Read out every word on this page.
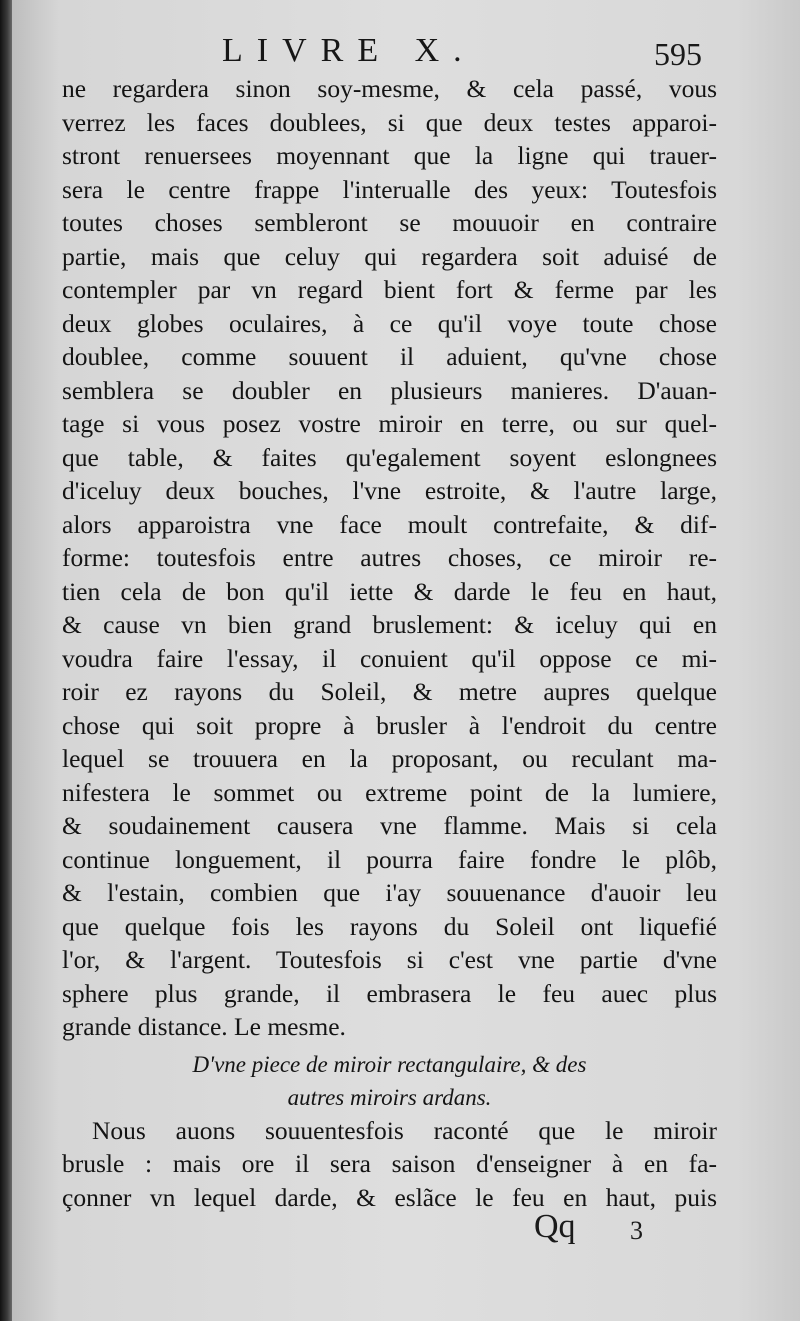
LIVRE X.	595
ne regardera sinon soy-mesme, & cela passé, vous
verrez les faces doublees, si que deux testes apparoi-
stront renuersees moyennant que la ligne qui trauer-
sera le centre frappe l'interualle des yeux: Toutesfois
toutes choses sembleront se mouuoir en contraire
partie, mais que celuy qui regardera soit aduisé de
contempler par vn regard bient fort & ferme par les
deux globes oculaires, à ce qu'il voye toute chose
doublee, comme souuent il aduient, qu'vne chose
semblera se doubler en plusieurs manieres. D'auan-
tage si vous posez vostre miroir en terre, ou sur quel-
que table, & faites qu'egalement soyent eslongnees
d'iceluy deux bouches, l'vne estroite, & l'autre large,
alors apparoistra vne face moult contrefaite, & dif-
forme: toutesfois entre autres choses, ce miroir re-
tien cela de bon qu'il iette & darde le feu en haut,
& cause vn bien grand bruslement: & iceluy qui en
voudra faire l'essay, il conuient qu'il oppose ce mi-
roir ez rayons du Soleil, & metre aupres quelque
chose qui soit propre à brusler à l'endroit du centre
lequel se trouuera en la proposant, ou reculant ma-
nifestera le sommet ou extreme point de la lumiere,
& soudainement causera vne flamme. Mais si cela
continue longuement, il pourra faire fondre le plôb,
& l'estain, combien que i'ay souuenance d'auoir leu
que quelque fois les rayons du Soleil ont liquefié
l'or, & l'argent. Toutesfois si c'est vne partie d'vne
sphere plus grande, il embrasera le feu auec plus
grande distance. Le mesme.
D'vne piece de miroir rectangulaire, & des
autres miroirs ardans.
Nous auons souuentesfois raconté que le miroir
brusle : mais ore il sera saison d'enseigner à en fa-
çonner vn lequel darde, & eslãce le feu en haut, puis
Qq 3
